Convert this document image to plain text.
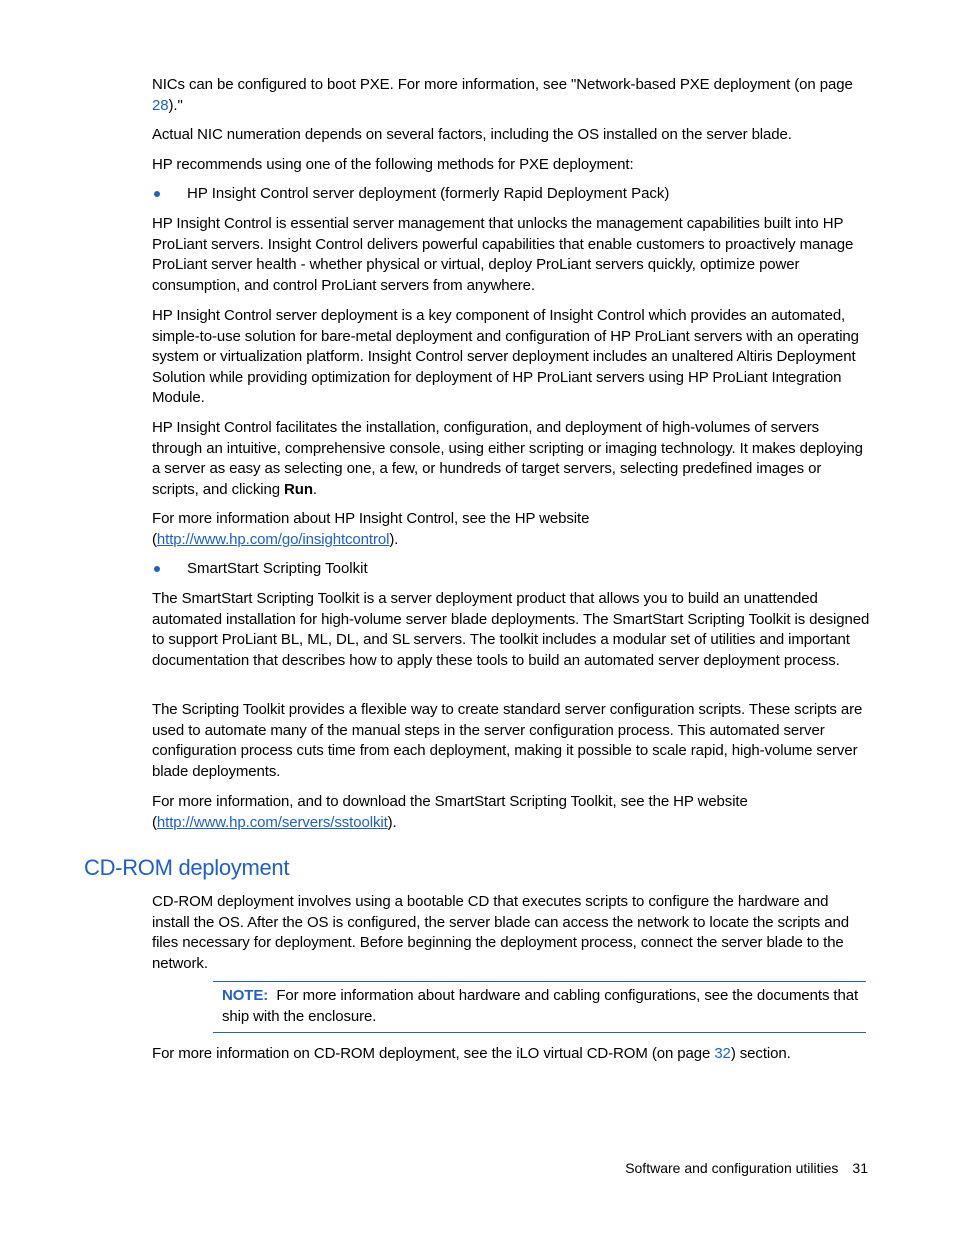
NICs can be configured to boot PXE. For more information, see "Network-based PXE deployment (on page 28)."
Actual NIC numeration depends on several factors, including the OS installed on the server blade.
HP recommends using one of the following methods for PXE deployment:
HP Insight Control server deployment (formerly Rapid Deployment Pack)
HP Insight Control is essential server management that unlocks the management capabilities built into HP ProLiant servers. Insight Control delivers powerful capabilities that enable customers to proactively manage ProLiant server health - whether physical or virtual, deploy ProLiant servers quickly, optimize power consumption, and control ProLiant servers from anywhere.
HP Insight Control server deployment is a key component of Insight Control which provides an automated, simple-to-use solution for bare-metal deployment and configuration of HP ProLiant servers with an operating system or virtualization platform. Insight Control server deployment includes an unaltered Altiris Deployment Solution while providing optimization for deployment of HP ProLiant servers using HP ProLiant Integration Module.
HP Insight Control facilitates the installation, configuration, and deployment of high-volumes of servers through an intuitive, comprehensive console, using either scripting or imaging technology. It makes deploying a server as easy as selecting one, a few, or hundreds of target servers, selecting predefined images or scripts, and clicking Run.
For more information about HP Insight Control, see the HP website
(http://www.hp.com/go/insightcontrol).
SmartStart Scripting Toolkit
The SmartStart Scripting Toolkit is a server deployment product that allows you to build an unattended automated installation for high-volume server blade deployments. The SmartStart Scripting Toolkit is designed to support ProLiant BL, ML, DL, and SL servers. The toolkit includes a modular set of utilities and important documentation that describes how to apply these tools to build an automated server deployment process.
The Scripting Toolkit provides a flexible way to create standard server configuration scripts. These scripts are used to automate many of the manual steps in the server configuration process. This automated server configuration process cuts time from each deployment, making it possible to scale rapid, high-volume server blade deployments.
For more information, and to download the SmartStart Scripting Toolkit, see the HP website
(http://www.hp.com/servers/sstoolkit).
CD-ROM deployment
CD-ROM deployment involves using a bootable CD that executes scripts to configure the hardware and install the OS. After the OS is configured, the server blade can access the network to locate the scripts and files necessary for deployment. Before beginning the deployment process, connect the server blade to the network.
NOTE: For more information about hardware and cabling configurations, see the documents that ship with the enclosure.
For more information on CD-ROM deployment, see the iLO virtual CD-ROM (on page 32) section.
Software and configuration utilities 31
